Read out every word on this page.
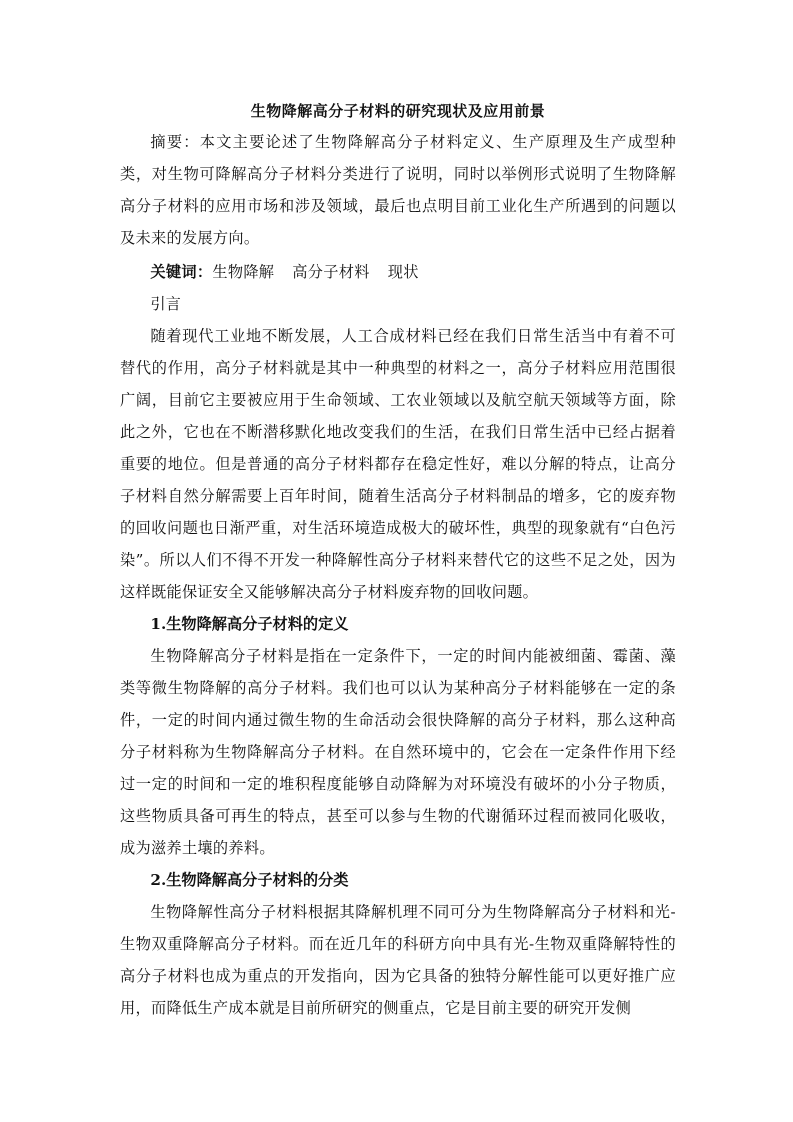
生物降解高分子材料的研究现状及应用前景

摘要：本文主要论述了生物降解高分子材料定义、生产原理及生产成型种类，对生物可降解高分子材料分类进行了说明，同时以举例形式说明了生物降解高分子材料的应用市场和涉及领域，最后也点明目前工业化生产所遇到的问题以及未来的发展方向。

关键词：生物降解 高分子材料 现状

引言

随着现代工业地不断发展，人工合成材料已经在我们日常生活当中有着不可替代的作用，高分子材料就是其中一种典型的材料之一，高分子材料应用范围很广阔，目前它主要被应用于生命领域、工农业领域以及航空航天领域等方面，除此之外，它也在不断潜移默化地改变我们的生活，在我们日常生活中已经占据着重要的地位。但是普通的高分子材料都存在稳定性好，难以分解的特点，让高分子材料自然分解需要上百年时间，随着生活高分子材料制品的增多，它的废弃物的回收问题也日渐严重，对生活环境造成极大的破坏性，典型的现象就有“白色污染”。所以人们不得不开发一种降解性高分子材料来替代它的这些不足之处，因为这样既能保证安全又能够解决高分子材料废弃物的回收问题。

1.生物降解高分子材料的定义

生物降解高分子材料是指在一定条件下，一定的时间内能被细菌、霉菌、藻类等微生物降解的高分子材料。我们也可以认为某种高分子材料能够在一定的条件，一定的时间内通过微生物的生命活动会很快降解的高分子材料，那么这种高分子材料称为生物降解高分子材料。在自然环境中的，它会在一定条件作用下经过一定的时间和一定的堆积程度能够自动降解为对环境没有破坏的小分子物质，这些物质具备可再生的特点，甚至可以参与生物的代谢循环过程而被同化吸收，成为滋养土壤的养料。

2.生物降解高分子材料的分类

生物降解性高分子材料根据其降解机理不同可分为生物降解高分子材料和光-生物双重降解高分子材料。而在近几年的科研方向中具有光-生物双重降解特性的高分子材料也成为重点的开发指向，因为它具备的独特分解性能可以更好推广应用，而降低生产成本就是目前所研究的侧重点，它是目前主要的研究开发侧
